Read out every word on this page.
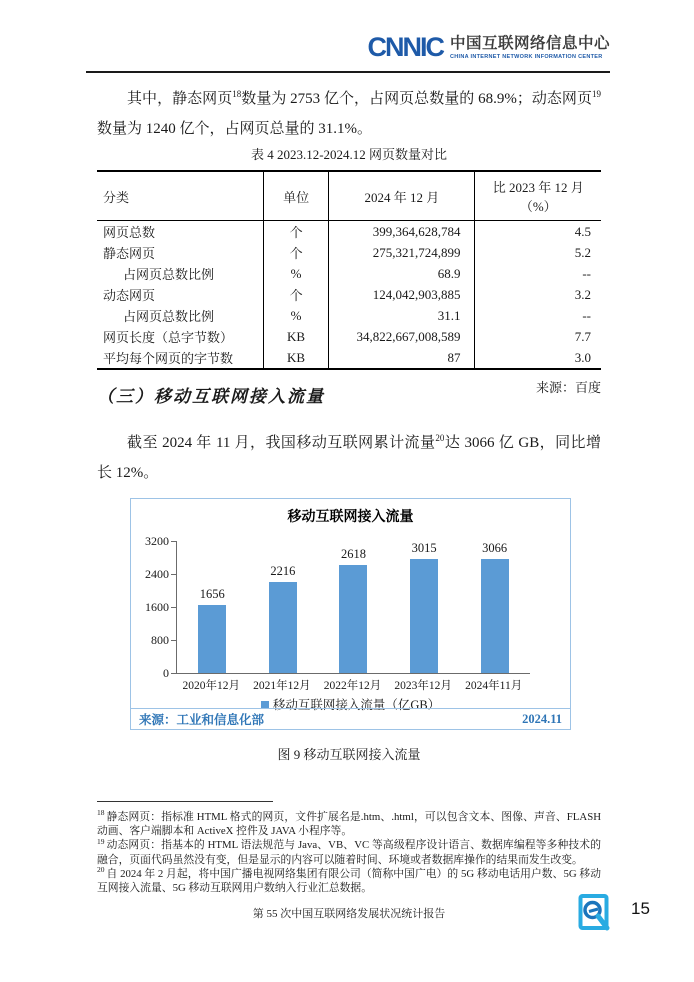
CNNIC 中国互联网络信息中心
CHINA INTERNET NETWORK INFORMATION CENTER
其中，静态网页$^{18}$数量为 2753 亿个，占网页总数量的 68.9%；动态网页$^{19}$数量为 1240 亿个，占网页总量的 31.1%。
表 4 2023.12-2024.12 网页数量对比
分类	单位	2024 年 12 月	比 2023 年 12 月
（%）

网页总数	个	399,364,628,784	4.5
静态网页	个	275,321,724,899	5.2
占网页总数比例	%	68.9	--
动态网页	个	124,042,903,885	3.2
占网页总数比例	%	31.1	--
网页长度（总字节数）	KB	34,822,667,008,589	7.7
平均每个网页的字节数	KB	87	3.0
来源：百度
（三）移动互联网接入流量
截至 2024 年 11 月，我国移动互联网累计流量$^{20}$达 3066 亿 GB，同比增长 12%。
移动互联网接入流量
1656
2216
2618	3015	3066
2020年12月	2021年12月	2022年12月	2023年12月	2024年11月
移动互联网接入流量（亿GB）
来源：工业和信息化部	2024.11
0
800
1600
2400
3200
图 9 移动互联网接入流量

$^{18}$ 静态网页：指标准 HTML 格式的网页，文件扩展名是.htm、.html，可以包含文本、图像、声音、FLASH 动画、客户端脚本和 ActiveX 控件及 JAVA 小程序等。

$^{19}$ 动态网页：指基本的 HTML 语法规范与 Java、VB、VC 等高级程序设计语言、数据库编程等多种技术的融合，页面代码虽然没有变，但是显示的内容可以随着时间、环境或者数据库操作的结果而发生改变。

$^{20}$ 自 2024 年 2 月起，将中国广播电视网络集团有限公司（简称中国广电）的 5G 移动电话用户数、5G 移动互网接入流量、5G 移动互联网用户数纳入行业汇总数据。

第 55 次中国互联网络发展状况统计报告	15
